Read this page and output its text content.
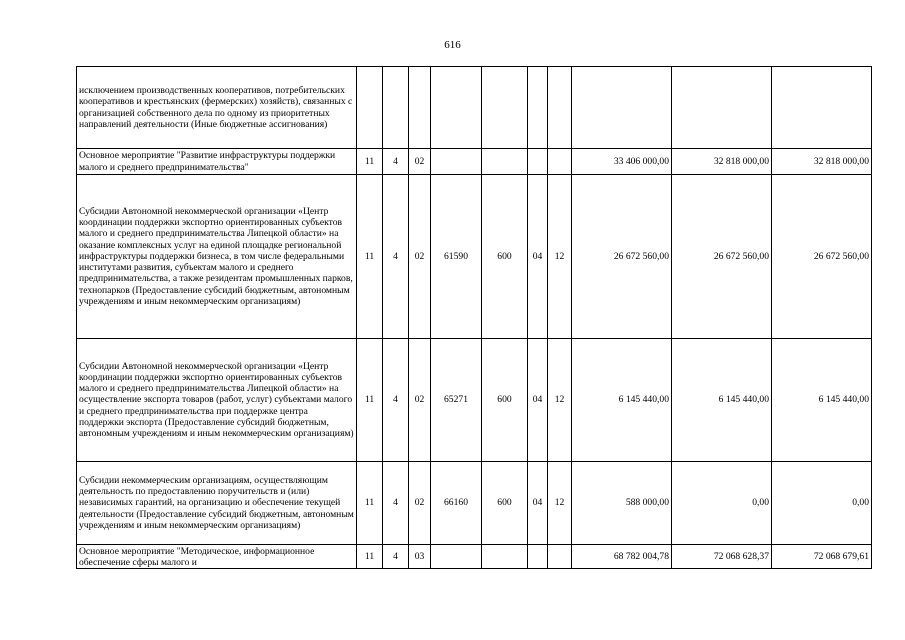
616
исключением производственных кооперативов, потребительских кооперативов и крестьянских (фермерских) хозяйств), связанных с организацией собственного дела по одному из приоритетных направлений деятельности (Иные бюджетные ассигнования)										
Основное мероприятие "Развитие инфраструктуры поддержки малого и среднего предпринимательства"	11	4	02					33 406 000,00	32 818 000,00	32 818 000,00
Субсидии Автономной некоммерческой организации «Центр координации поддержки экспортно ориентированных субъектов малого и среднего предпринимательства Липецкой области» на оказание комплексных услуг на единой площадке региональной инфраструктуры поддержки бизнеса, в том числе федеральными институтами развития, субъектам малого и среднего предпринимательства, а также резидентам промышленных парков, технопарков (Предоставление субсидий бюджетным, автономным учреждениям и иным некоммерческим организациям)	11	4	02	61590	600	04	12	26 672 560,00	26 672 560,00	26 672 560,00
Субсидии Автономной некоммерческой организации «Центр координации поддержки экспортно ориентированных субъектов малого и среднего предпринимательства Липецкой области» на осуществление экспорта товаров (работ, услуг) субъектами малого и среднего предпринимательства при поддержке центра поддержки экспорта (Предоставление субсидий бюджетным, автономным учреждениям и иным некоммерческим организациям)	11	4	02	65271	600	04	12	6 145 440,00	6 145 440,00	6 145 440,00
Субсидии некоммерческим организациям, осуществляющим деятельность по предоставлению поручительств и (или) независимых гарантий, на организацию и обеспечение текущей деятельности (Предоставление субсидий бюджетным, автономным учреждениям и иным некоммерческим организациям)	11	4	02	66160	600	04	12	588 000,00	0,00	0,00

Основное мероприятие "Методическое, информационное обеспечение сферы малого и	11	4	03					68 782 004,78	72 068 628,37	72 068 679,61
